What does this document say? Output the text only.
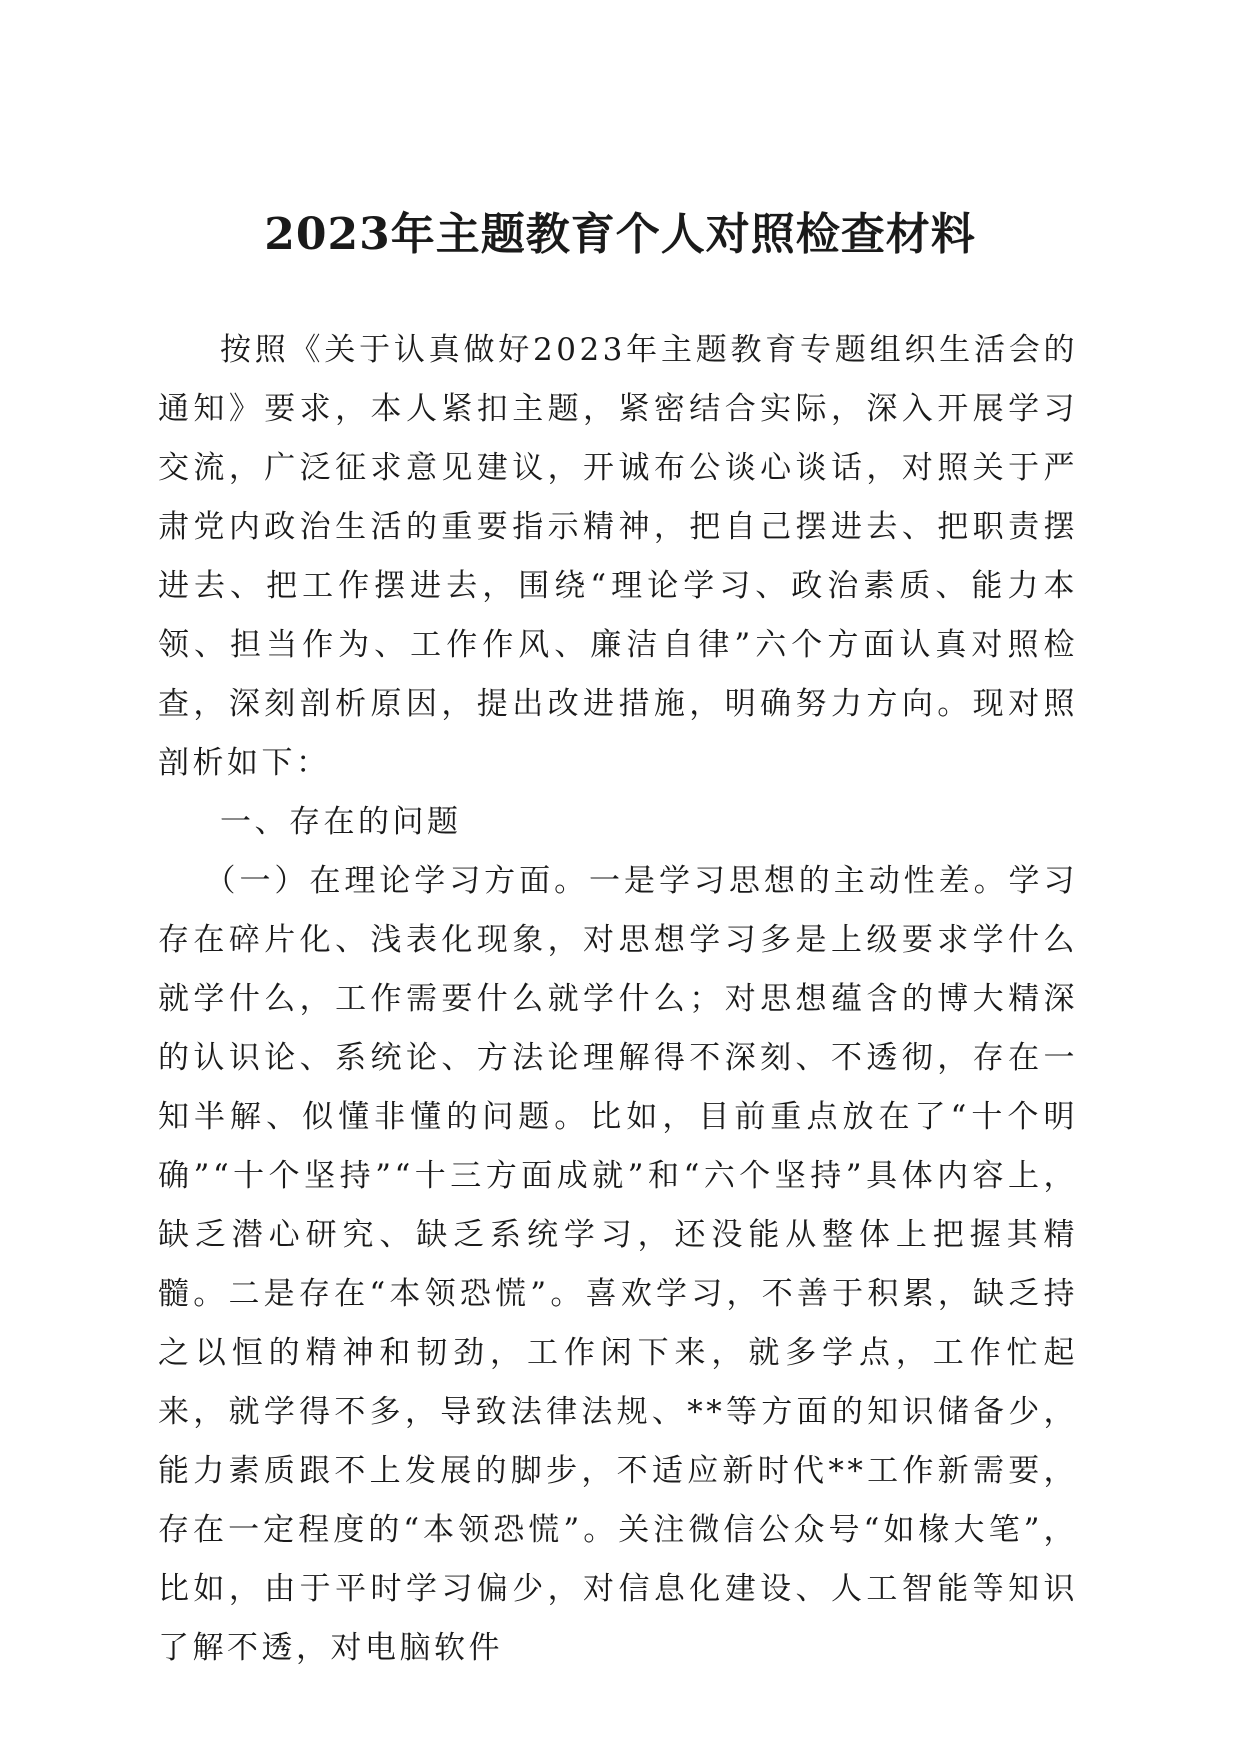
2023年主题教育个人对照检查材料

按照《关于认真做好2023年主题教育专题组织生活会的通知》要求，本人紧扣主题，紧密结合实际，深入开展学习交流，广泛征求意见建议，开诚布公谈心谈话，对照关于严肃党内政治生活的重要指示精神，把自己摆进去、把职责摆进去、把工作摆进去，围绕“理论学习、政治素质、能力本领、担当作为、工作作风、廉洁自律”六个方面认真对照检查，深刻剖析原因，提出改进措施，明确努力方向。现对照剖析如下：

一、存在的问题

（一）在理论学习方面。一是学习思想的主动性差。学习存在碎片化、浅表化现象，对思想学习多是上级要求学什么就学什么，工作需要什么就学什么；对思想蕴含的博大精深的认识论、系统论、方法论理解得不深刻、不透彻，存在一知半解、似懂非懂的问题。比如，目前重点放在了“十个明确”“十个坚持”“十三方面成就”和“六个坚持”具体内容上，缺乏潜心研究、缺乏系统学习，还没能从整体上把握其精髓。二是存在“本领恐慌”。喜欢学习，不善于积累，缺乏持之以恒的精神和韧劲，工作闲下来，就多学点，工作忙起来，就学得不多，导致法律法规、**等方面的知识储备少，能力素质跟不上发展的脚步，不适应新时代**工作新需要，存在一定程度的“本领恐慌”。关注微信公众号“如椽大笔”，比如，由于平时学习偏少，对信息化建设、人工智能等知识了解不透，对电脑软件
